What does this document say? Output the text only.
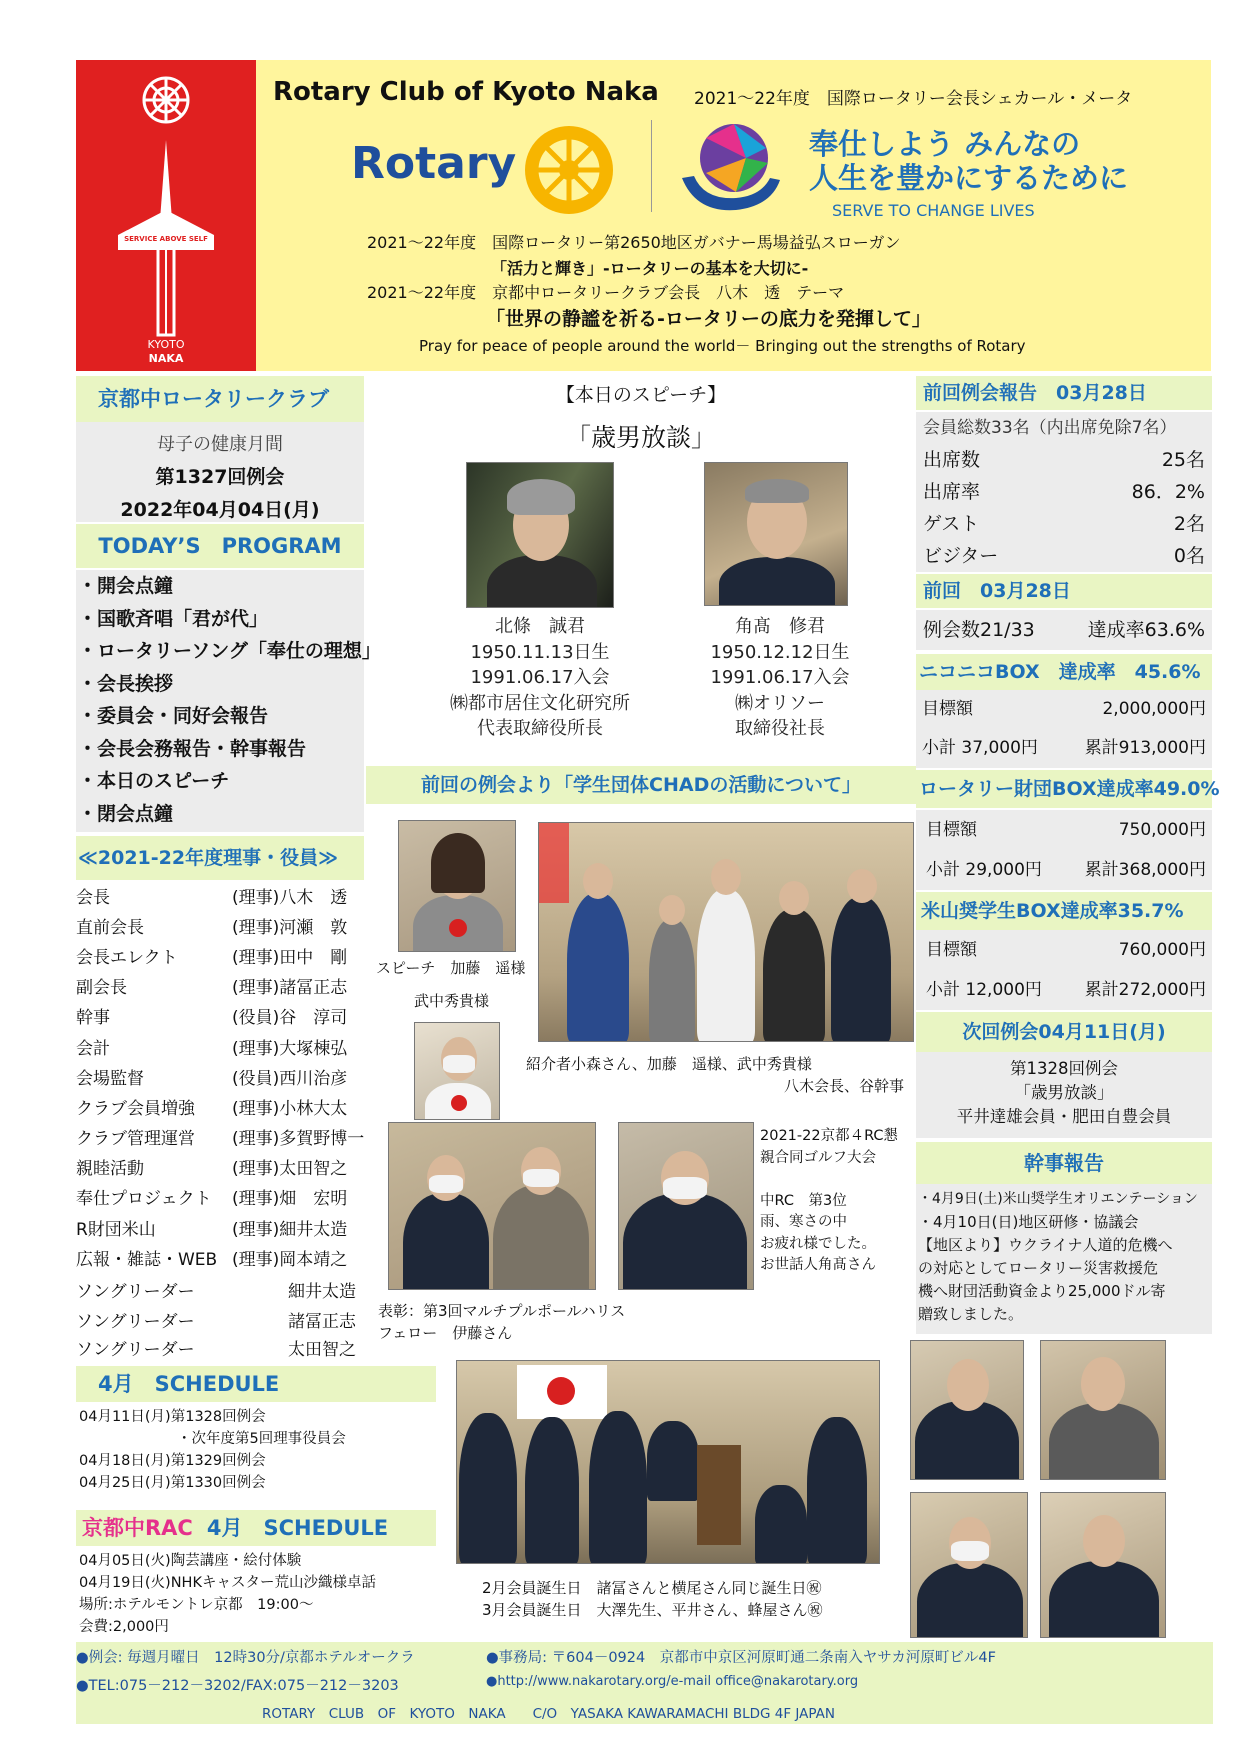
SERVICE ABOVE SELF
KYOTO
NAKA
Rotary Club of Kyoto Naka 2021～22年度　国際ロータリー会長シェカール・メータ
Rotary	奉仕しよう みんなの
人生を豊かにするために
SERVE TO CHANGE LIVES
2021～22年度　国際ロータリー第2650地区ガバナー馬場益弘スローガン
「活力と輝き」-ロータリーの基本を大切に-
2021～22年度　京都中ロータリークラブ会長　八木　透　テーマ
「世界の静謐を祈る-ロータリーの底力を発揮して」
Pray for peace of people around the world－ Bringing out the strengths of Rotary
京都中ロータリークラブ
母子の健康月間
第1327回例会
2022年04月04日(月)
TODAY’S　PROGRAM
・開会点鐘
・国歌斉唱「君が代」
・ロータリーソング「奉仕の理想」
・会長挨拶
・委員会・同好会報告
・会長会務報告・幹事報告
・本日のスピーチ
・閉会点鐘
≪2021-22年度理事・役員≫
会長	(理事)八木　透
直前会長	(理事)河瀬　敦
会長エレクト	(理事)田中　剛
副会長	(理事)諸冨正志
幹事	(役員)谷　淳司
会計	(理事)大塚棟弘
会場監督	(役員)西川治彦
クラブ会員増強	(理事)小林大太
クラブ管理運営	(理事)多賀野博一
親睦活動	(理事)太田智之
奉仕プロジェクト	(理事)畑　宏明
R財団米山	(理事)細井太造
広報・雑誌・WEB (理事)岡本靖之
ソングリーダー	細井太造
ソングリーダー	諸冨正志
ソングリーダー	太田智之
4月　SCHEDULE
04月11日(月)第1328回例会
・次年度第5回理事役員会
04月18日(月)第1329回例会
04月25日(月)第1330回例会
京都中RAC 4月　SCHEDULE
04月05日(火)陶芸講座・絵付体験
04月19日(火)NHKキャスター荒山沙織様卓話
場所:ホテルモントレ京都　19:00～
会費:2,000円
【本日のスピーチ】
「歳男放談」
北條　誠君
1950.11.13日生
1991.06.17入会
㈱都市居住文化研究所
代表取締役所長
角髙　修君
1950.12.12日生
1991.06.17入会
㈱オリソー
取締役社長
前回の例会より「学生団体CHADの活動について」
スピーチ　加藤　遥様
武中秀貴様
紹介者小森さん、加藤　遥様、武中秀貴様
八木会長、谷幹事
2021-22京都４RC懇
親合同ゴルフ大会
中RC　第3位
雨、寒さの中
お疲れ様でした。
お世話人角髙さん
表彰：第3回マルチプルポールハリス
フェロー　伊藤さん
2月会員誕生日　諸冨さんと横尾さん同じ誕生日㊗
3月会員誕生日　大澤先生、平井さん、蜂屋さん㊗
前回例会報告　03月28日
会員総数33名（内出席免除7名）
出席数	25名
出席率	86．2%
ゲスト	2名
ビジター	0名
前回　03月28日
例会数21/33	達成率63.6%
ニコニコBOX　達成率　45.6%
目標額	2,000,000円
小計 37,000円	累計913,000円
ロータリー財団BOX達成率49.0%
目標額	750,000円
小計 29,000円	累計368,000円
米山奨学生BOX達成率35.7%
目標額	760,000円
小計 12,000円	累計272,000円
次回例会04月11日(月)
第1328回例会
「歳男放談」
平井達雄会員・肥田自豊会員
幹事報告
・4月9日(土)米山奨学生オリエンテーション
・4月10日(日)地区研修・協議会
【地区より】ウクライナ人道的危機へ
の対応としてロータリー災害救援危
機へ財団活動資金より25,000ドル寄
贈致しました。
●例会: 毎週月曜日　12時30分/京都ホテルオークラ	●事務局: 〒604－0924　京都市中京区河原町通二条南入ヤサカ河原町ビル4F
●TEL:075－212－3202/FAX:075－212－3203	●http://www.nakarotary.org/e-mail office@nakarotary.org
ROTARY　CLUB　OF　KYOTO　NAKA　　C/O　YASAKA KAWARAMACHI BLDG 4F JAPAN
